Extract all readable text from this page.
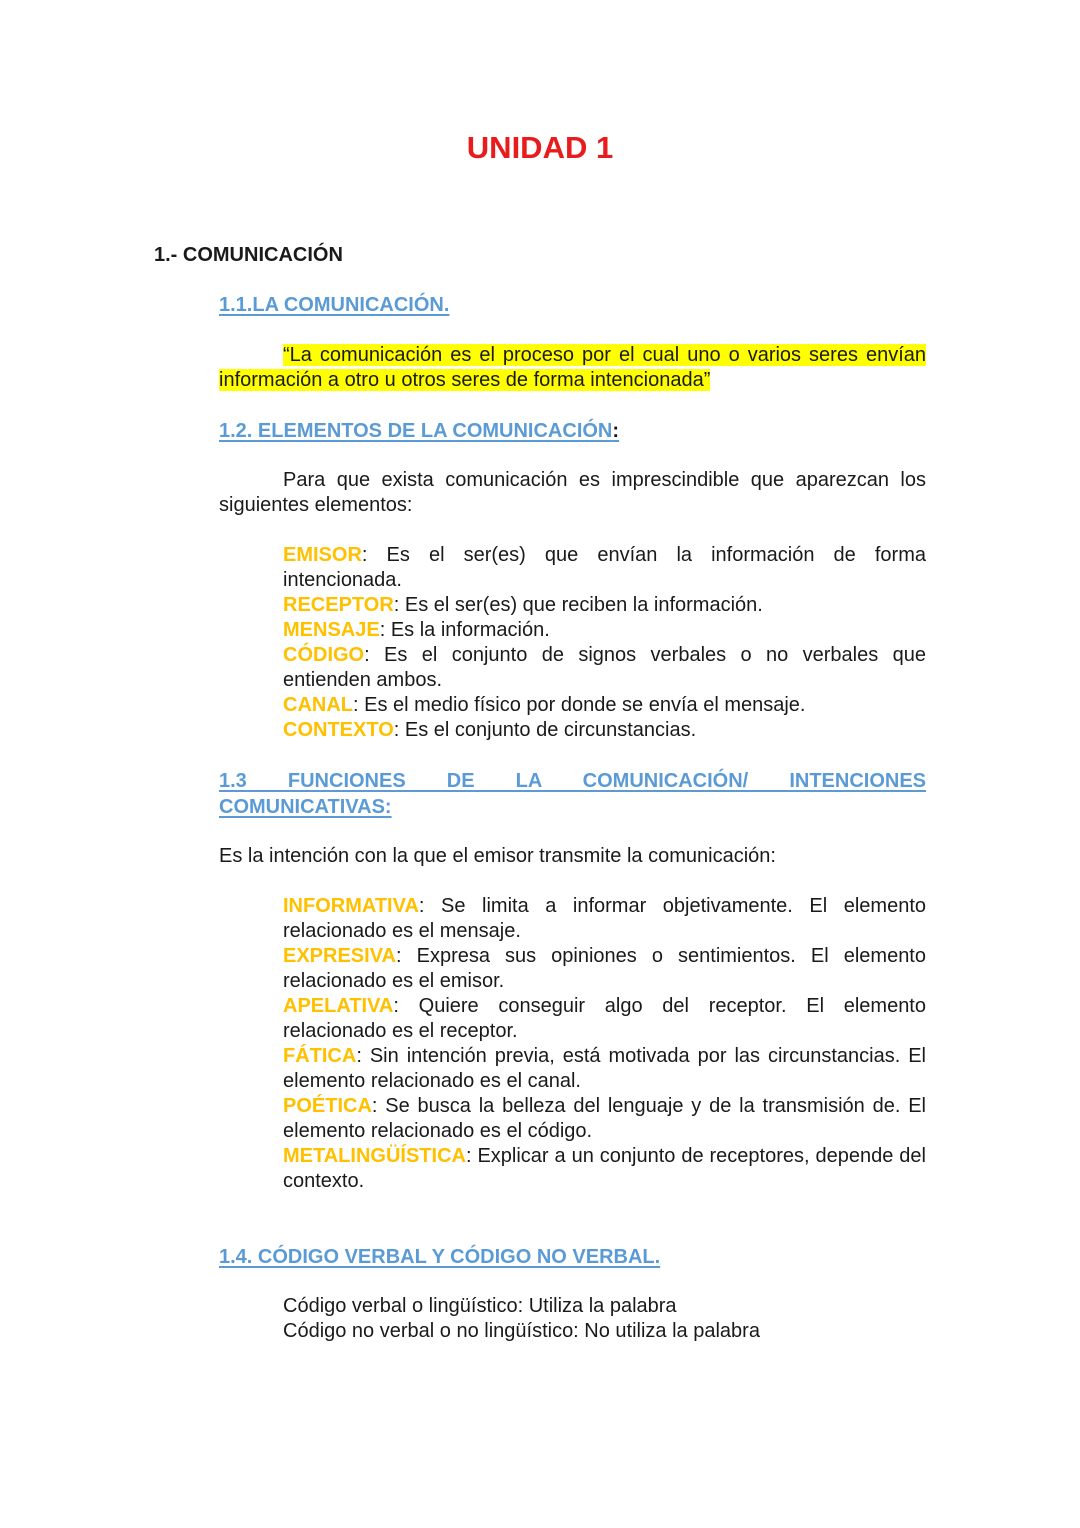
UNIDAD 1
1.- COMUNICACIÓN
1.1.LA COMUNICACIÓN.
“La comunicación es el proceso por el cual uno o varios seres envían información a otro u otros seres de forma intencionada”
1.2. ELEMENTOS DE LA COMUNICACIÓN:
Para que exista comunicación es imprescindible que aparezcan los siguientes elementos:

EMISOR: Es el ser(es) que envían la información de forma intencionada.

RECEPTOR: Es el ser(es) que reciben la información.

MENSAJE: Es la información.

CÓDIGO: Es el conjunto de signos verbales o no verbales que entienden ambos.

CANAL: Es el medio físico por donde se envía el mensaje.

CONTEXTO: Es el conjunto de circunstancias.

1.3 FUNCIONES DE LA COMUNICACIÓN/ INTENCIONES
COMUNICATIVAS:
Es la intención con la que el emisor transmite la comunicación:

INFORMATIVA: Se limita a informar objetivamente. El elemento relacionado es el mensaje.

EXPRESIVA: Expresa sus opiniones o sentimientos. El elemento relacionado es el emisor.

APELATIVA: Quiere conseguir algo del receptor. El elemento relacionado es el receptor.

FÁTICA: Sin intención previa, está motivada por las circunstancias. El elemento relacionado es el canal.

POÉTICA: Se busca la belleza del lenguaje y de la transmisión de. El elemento relacionado es el código.

METALINGÜÍSTICA: Explicar a un conjunto de receptores, depende del contexto.

1.4. CÓDIGO VERBAL Y CÓDIGO NO VERBAL.

Código verbal o lingüístico: Utiliza la palabra

Código no verbal o no lingüístico: No utiliza la palabra
